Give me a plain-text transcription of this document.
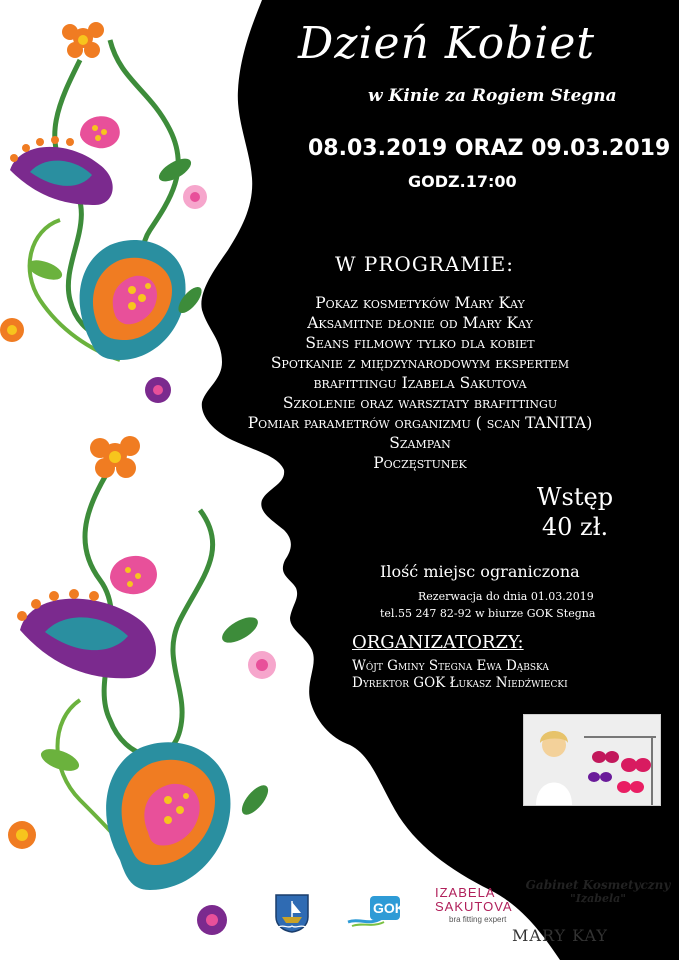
Dzień Kobiet
w Kinie za Rogiem Stegna
08.03.2019 ORAZ 09.03.2019
GODZ.17:00
W PROGRAMIE:
Pokaz kosmetyków Mary Kay
Aksamitne dłonie od Mary Kay
Seans filmowy tylko dla kobiet
Spotkanie z międzynarodowym ekspertem
brafittingu Izabela Sakutova
Szkolenie oraz warsztaty brafittingu
Pomiar parametrów organizmu ( scan TANITA)
Szampan
Poczęstunek
Wstęp
40 zł.
Ilość miejsc ograniczona
Rezerwacja do dnia 01.03.2019
tel.55 247 82-92 w biurze GOK Stegna
ORGANIZATORZY:
Wójt Gminy Stegna Ewa Dąbska
Dyrektor GOK Łukasz Niedźwiecki
GOK
IZABELA
SAKUTOVA
bra fitting expert
Gabinet Kosmetyczny
"Izabela"
MARY KAY
